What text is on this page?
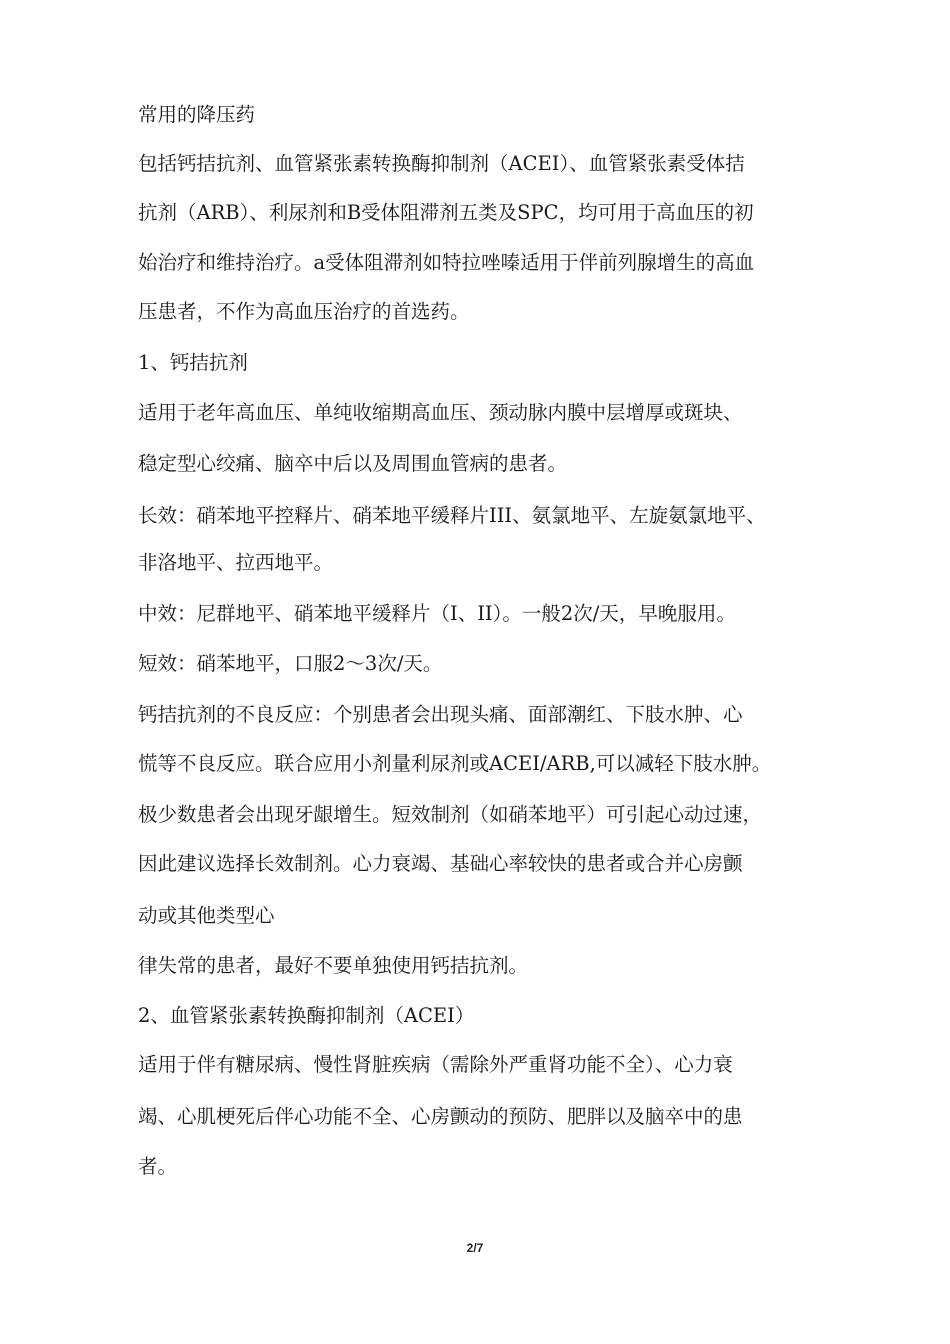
常用的降压药
包括钙拮抗剂、血管紧张素转换酶抑制剂（ACEI）、血管紧张素受体拮
抗剂（ARB）、利尿剂和Β受体阻滞剂五类及SPC，均可用于高血压的初
始治疗和维持治疗。a受体阻滞剂如特拉唑嗪适用于伴前列腺增生的高血
压患者，不作为高血压治疗的首选药。
1、钙拮抗剂
适用于老年高血压、单纯收缩期高血压、颈动脉内膜中层增厚或斑块、
稳定型心绞痛、脑卒中后以及周围血管病的患者。
长效：硝苯地平控释片、硝苯地平缓释片III、氨氯地平、左旋氨氯地平、
非洛地平、拉西地平。
中效：尼群地平、硝苯地平缓释片（I、II）。一般2次/天，早晚服用。
短效：硝苯地平，口服2～3次/天。
钙拮抗剂的不良反应：个别患者会出现头痛、面部潮红、下肢水肿、心
慌等不良反应。联合应用小剂量利尿剂或ACEI/ARB,可以减轻下肢水肿。
极少数患者会出现牙龈增生。短效制剂（如硝苯地平）可引起心动过速，
因此建议选择长效制剂。心力衰竭、基础心率较快的患者或合并心房颤
动或其他类型心
律失常的患者，最好不要单独使用钙拮抗剂。
2、血管紧张素转换酶抑制剂（ACEI）
适用于伴有糖尿病、慢性肾脏疾病（需除外严重肾功能不全）、心力衰
竭、心肌梗死后伴心功能不全、心房颤动的预防、肥胖以及脑卒中的患
者。
2/7
